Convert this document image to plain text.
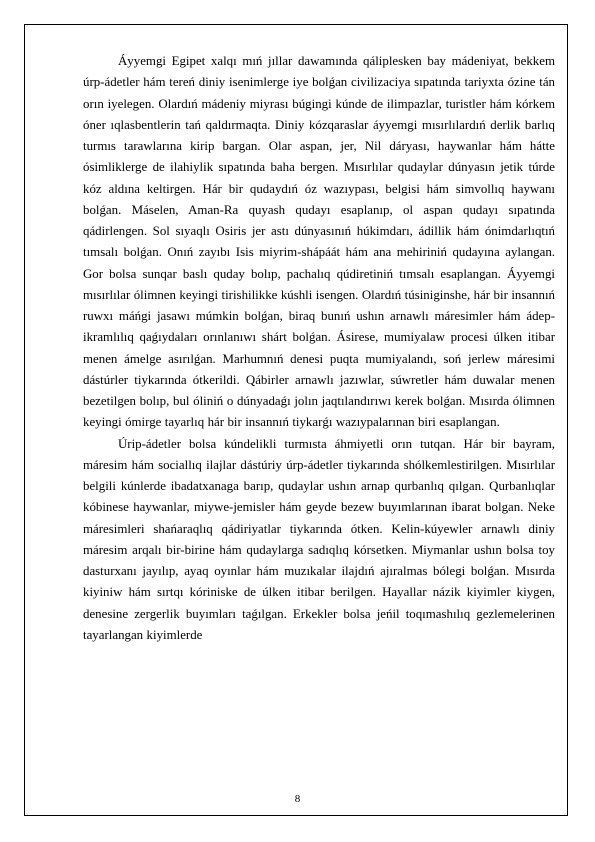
Áyyemgi Egipet xalqı mıń jıllar dawamında qáliplesken bay mádeniyat, bekkem úrp-ádetler hám tereń diniy isenimlerge iye bolǵan civilizaciya sıpatında tariyxta ózine tán orın iyelegen. Olardıń mádeniy miyrası búgingi kúnde de ilimpazlar, turistler hám kórkem óner ıqlasbentlerin tań qaldırmaqta. Diniy kózqaraslar áyyemgi mısırlılardıń derlik barlıq turmıs tarawlarına kirip bargan. Olar aspan, jer, Nil dáryası, haywanlar hám hátte ósimliklerge de ilahiylik sıpatında baha bergen. Mısırlılar qudaylar dúnyasın jetik túrde kóz aldına keltirgen. Hár bir qudaydıń óz wazıypası, belgisi hám simvollıq haywanı bolǵan. Máselen, Aman-Ra quyash qudayı esaplanıp, ol aspan qudayı sıpatında qádirlengen. Sol sıyaqlı Osiris jer astı dúnyasınıń húkimdarı, ádillik hám ónimdarlıqtıń tımsalı bolǵan. Onıń zayıbı Isis miyrim-shápáát hám ana mehiriniń qudayına aylangan. Gor bolsa sunqar baslı quday bolıp, pachalıq qúdiretiniń tımsalı esaplangan. Áyyemgi mısırlılar ólimnen keyingi tirishilikke kúshli isengen. Olardıń túsiniginshe, hár bir insannıń ruwxı máńgi jasawı múmkin bolǵan, biraq bunıń ushın arnawlı máresimler hám ádep-ikramlılıq qaǵıydaları orınlanıwı shárt bolǵan. Ásirese, mumiyalaw procesi úlken itibar menen ámelge asırılǵan. Marhumnıń denesi puqta mumiyalandı, soń jerlew máresimi dástúrler tiykarında ótkerildi. Qábirler arnawlı jazıwlar, súwretler hám duwalar menen bezetilgen bolıp, bul óliniń o dúnyadaǵı jolın jaqtılandırıwı kerek bolǵan. Mısırda ólimnen keyingi ómirge tayarlıq hár bir insannıń tiykarǵı wazıypalarınan biri esaplangan.

Úrip-ádetler bolsa kúndelikli turmısta áhmiyetli orın tutqan. Hár bir bayram, máresim hám sociallıq ilajlar dástúriy úrp-ádetler tiykarında shólkemlestirilgen. Mısırlılar belgili kúnlerde ibadatxanaga barıp, qudaylar ushın arnap qurbanlıq qılgan. Qurbanlıqlar kóbinese haywanlar, miywe-jemisler hám geyde bezew buyımlarınan ibarat bolgan. Neke máresimleri shańaraqlıq qádiriyatlar tiykarında ótken. Kelin-kúyewler arnawlı diniy máresim arqalı bir-birine hám qudaylarga sadıqlıq kórsetken. Miymanlar ushın bolsa toy dasturxanı jayılıp, ayaq oyınlar hám muzıkalar ilajdıń ajıralmas bólegi bolǵan. Mısırda kiyiniw hám sırtqı kóriniske de úlken itibar berilgen. Hayallar názik kiyimler kiygen, denesine zergerlik buyımları taǵılgan. Erkekler bolsa jeńil toqımashılıq gezlemelerinen tayarlangan kiyimlerde

8
